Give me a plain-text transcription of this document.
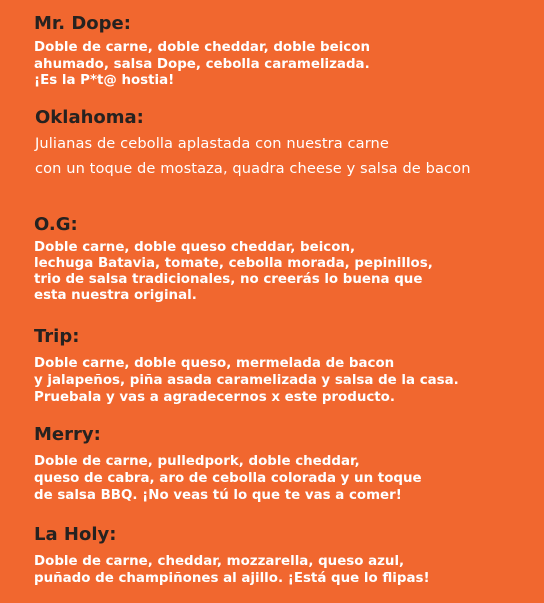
Mr. Dope:
Doble de carne, doble cheddar, doble beicon
ahumado, salsa Dope, cebolla caramelizada.
¡Es la P*t@ hostia!
Oklahoma:
Julianas de cebolla aplastada con nuestra carne
con un toque de mostaza, quadra cheese y salsa de bacon
O.G:
Doble carne, doble queso cheddar, beicon,
lechuga Batavia, tomate, cebolla morada, pepinillos,
trio de salsa tradicionales, no creerás lo buena que
esta nuestra original.
Trip:
Doble carne, doble queso, mermelada de bacon
y jalapeños, piña asada caramelizada y salsa de la casa.
Pruebala y vas a agradecernos x este producto.
Merry:
Doble de carne, pulledpork, doble cheddar,
queso de cabra, aro de cebolla colorada y un toque
de salsa BBQ. ¡No veas tú lo que te vas a comer!
La Holy:
Doble de carne, cheddar, mozzarella, queso azul,
puñado de champiñones al ajillo. ¡Está que lo flipas!
